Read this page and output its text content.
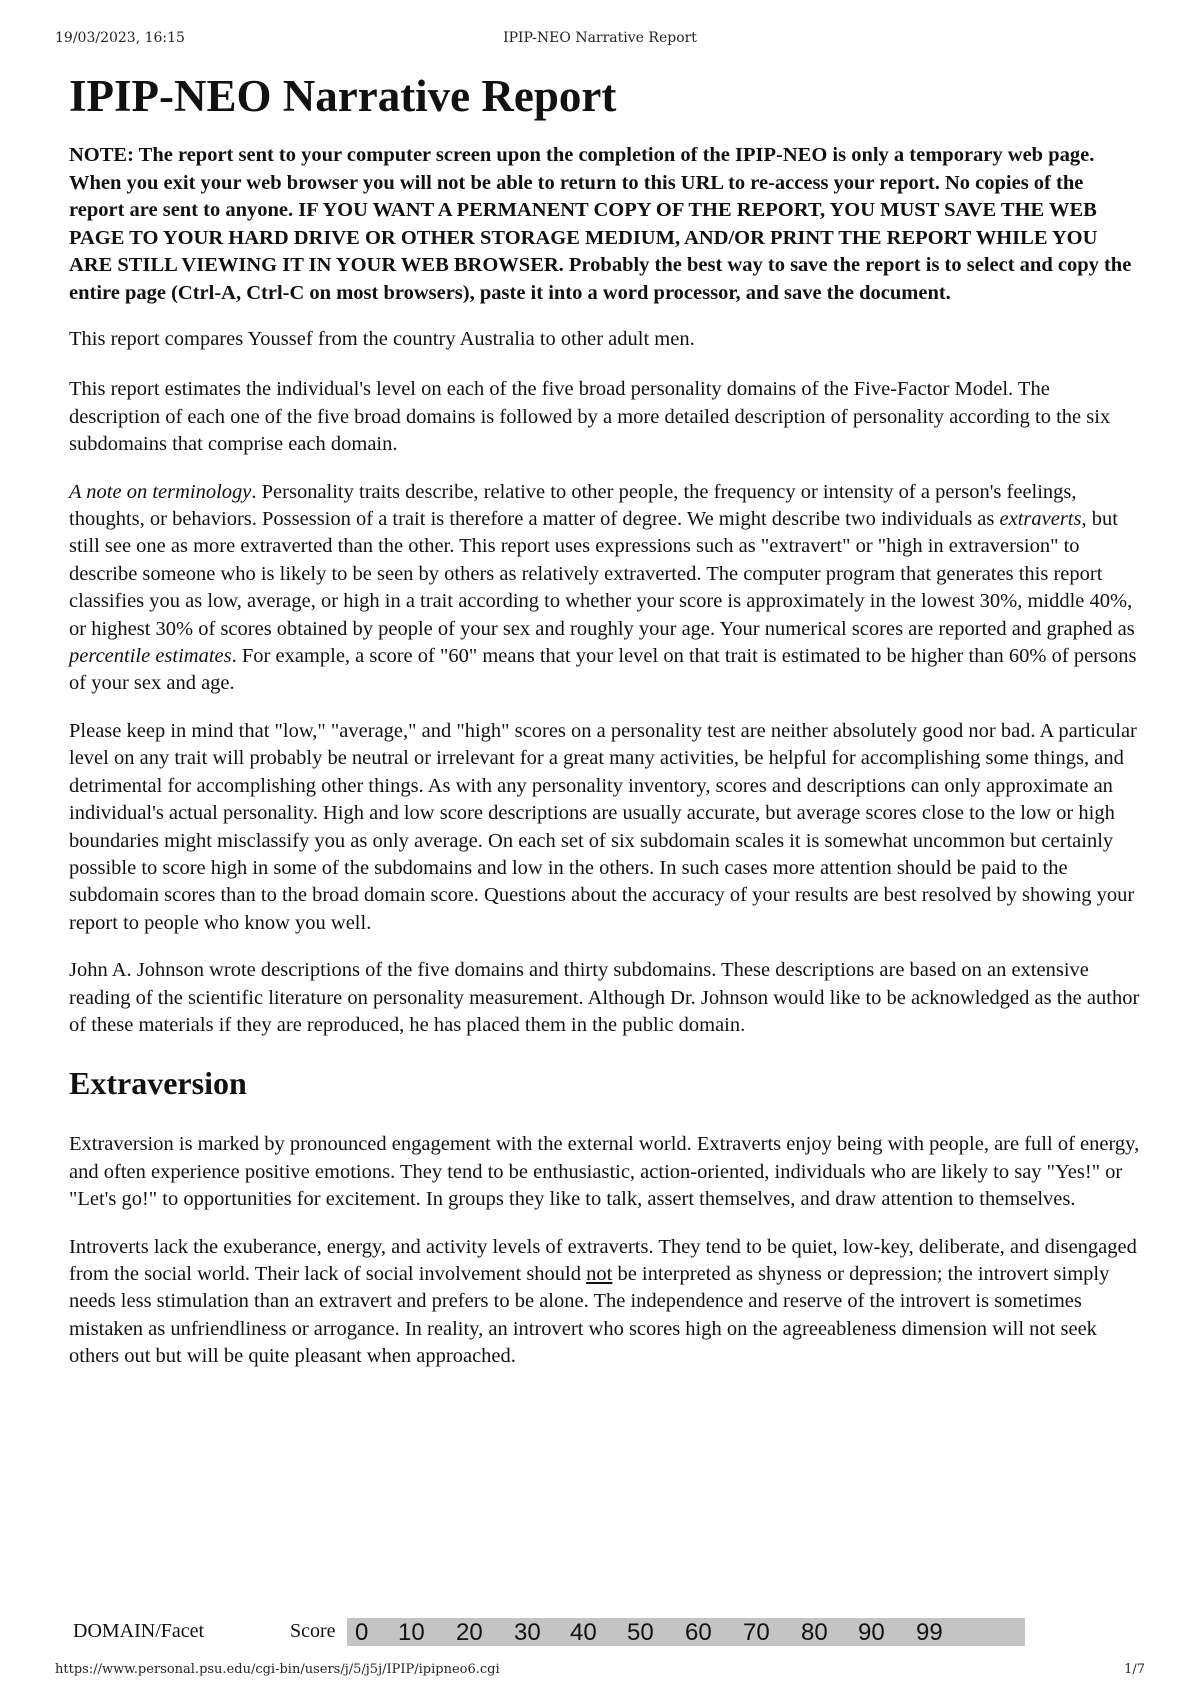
19/03/2023, 16:15	IPIP-NEO Narrative Report
IPIP-NEO Narrative Report
NOTE: The report sent to your computer screen upon the completion of the IPIP-NEO is only a temporary web page. When you exit your web browser you will not be able to return to this URL to re-access your report. No copies of the report are sent to anyone. IF YOU WANT A PERMANENT COPY OF THE REPORT, YOU MUST SAVE THE WEB PAGE TO YOUR HARD DRIVE OR OTHER STORAGE MEDIUM, AND/OR PRINT THE REPORT WHILE YOU ARE STILL VIEWING IT IN YOUR WEB BROWSER. Probably the best way to save the report is to select and copy the entire page (Ctrl-A, Ctrl-C on most browsers), paste it into a word processor, and save the document.

This report compares Youssef from the country Australia to other adult men.

This report estimates the individual's level on each of the five broad personality domains of the Five-Factor Model. The description of each one of the five broad domains is followed by a more detailed description of personality according to the six subdomains that comprise each domain.

A note on terminology. Personality traits describe, relative to other people, the frequency or intensity of a person's feelings, thoughts, or behaviors. Possession of a trait is therefore a matter of degree. We might describe two individuals as extraverts, but still see one as more extraverted than the other. This report uses expressions such as "extravert" or "high in extraversion" to describe someone who is likely to be seen by others as relatively extraverted. The computer program that generates this report classifies you as low, average, or high in a trait according to whether your score is approximately in the lowest 30%, middle 40%, or highest 30% of scores obtained by people of your sex and roughly your age. Your numerical scores are reported and graphed as percentile estimates. For example, a score of "60" means that your level on that trait is estimated to be higher than 60% of persons of your sex and age.

Please keep in mind that "low," "average," and "high" scores on a personality test are neither absolutely good nor bad. A particular level on any trait will probably be neutral or irrelevant for a great many activities, be helpful for accomplishing some things, and detrimental for accomplishing other things. As with any personality inventory, scores and descriptions can only approximate an individual's actual personality. High and low score descriptions are usually accurate, but average scores close to the low or high boundaries might misclassify you as only average. On each set of six subdomain scales it is somewhat uncommon but certainly possible to score high in some of the subdomains and low in the others. In such cases more attention should be paid to the subdomain scores than to the broad domain score. Questions about the accuracy of your results are best resolved by showing your report to people who know you well.

John A. Johnson wrote descriptions of the five domains and thirty subdomains. These descriptions are based on an extensive reading of the scientific literature on personality measurement. Although Dr. Johnson would like to be acknowledged as the author of these materials if they are reproduced, he has placed them in the public domain.

Extraversion

Extraversion is marked by pronounced engagement with the external world. Extraverts enjoy being with people, are full of energy, and often experience positive emotions. They tend to be enthusiastic, action-oriented, individuals who are likely to say "Yes!" or "Let's go!" to opportunities for excitement. In groups they like to talk, assert themselves, and draw attention to themselves.

Introverts lack the exuberance, energy, and activity levels of extraverts. They tend to be quiet, low-key, deliberate, and disengaged from the social world. Their lack of social involvement should not be interpreted as shyness or depression; the introvert simply needs less stimulation than an extravert and prefers to be alone. The independence and reserve of the introvert is sometimes mistaken as unfriendliness or arrogance. In reality, an introvert who scores high on the agreeableness dimension will not seek others out but will be quite pleasant when approached.

DOMAIN/Facet	Score 0 10 20 30 40 50 60 70 80 90 99
https://www.personal.psu.edu/cgi-bin/users/j/5/j5j/IPIP/ipipneo6.cgi	1/7
